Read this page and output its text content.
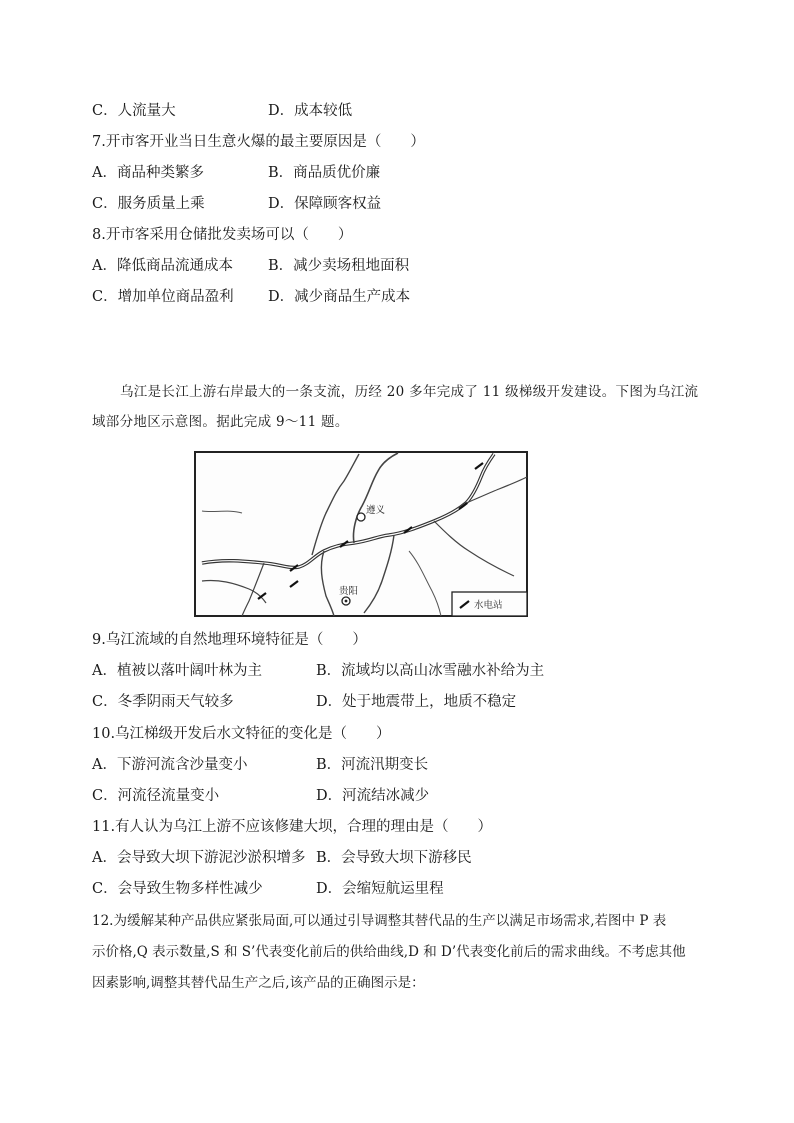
C．人流量大	D．成本较低
7.开市客开业当日生意火爆的最主要原因是（　　）
A．商品种类繁多	B．商品质优价廉
C．服务质量上乘	D．保障顾客权益
8.开市客采用仓储批发卖场可以（　　）
A．降低商品流通成本 B．减少卖场租地面积
C．增加单位商品盈利 D．减少商品生产成本
乌江是长江上游右岸最大的一条支流，历经 20 多年完成了 11 级梯级开发建设。下图为乌江流
域部分地区示意图。据此完成 9～11 题。
遵义
贵阳
水电站
9.乌江流域的自然地理环境特征是（　　）
A．植被以落叶阔叶林为主	B．流域均以高山冰雪融水补给为主
C．冬季阴雨天气较多	D．处于地震带上，地质不稳定
10.乌江梯级开发后水文特征的变化是（　　）
A．下游河流含沙量变小	B．河流汛期变长
C．河流径流量变小	D．河流结冰减少
11.有人认为乌江上游不应该修建大坝，合理的理由是（　　）
A．会导致大坝下游泥沙淤积增多 B．会导致大坝下游移民
C．会导致生物多样性减少	D．会缩短航运里程
12.为缓解某种产品供应紧张局面,可以通过引导调整其替代品的生产以满足市场需求,若图中 P 表
示价格,Q 表示数量,S 和 S’代表变化前后的供给曲线,D 和 D’代表变化前后的需求曲线。不考虑其他
因素影响,调整其替代品生产之后,该产品的正确图示是：
